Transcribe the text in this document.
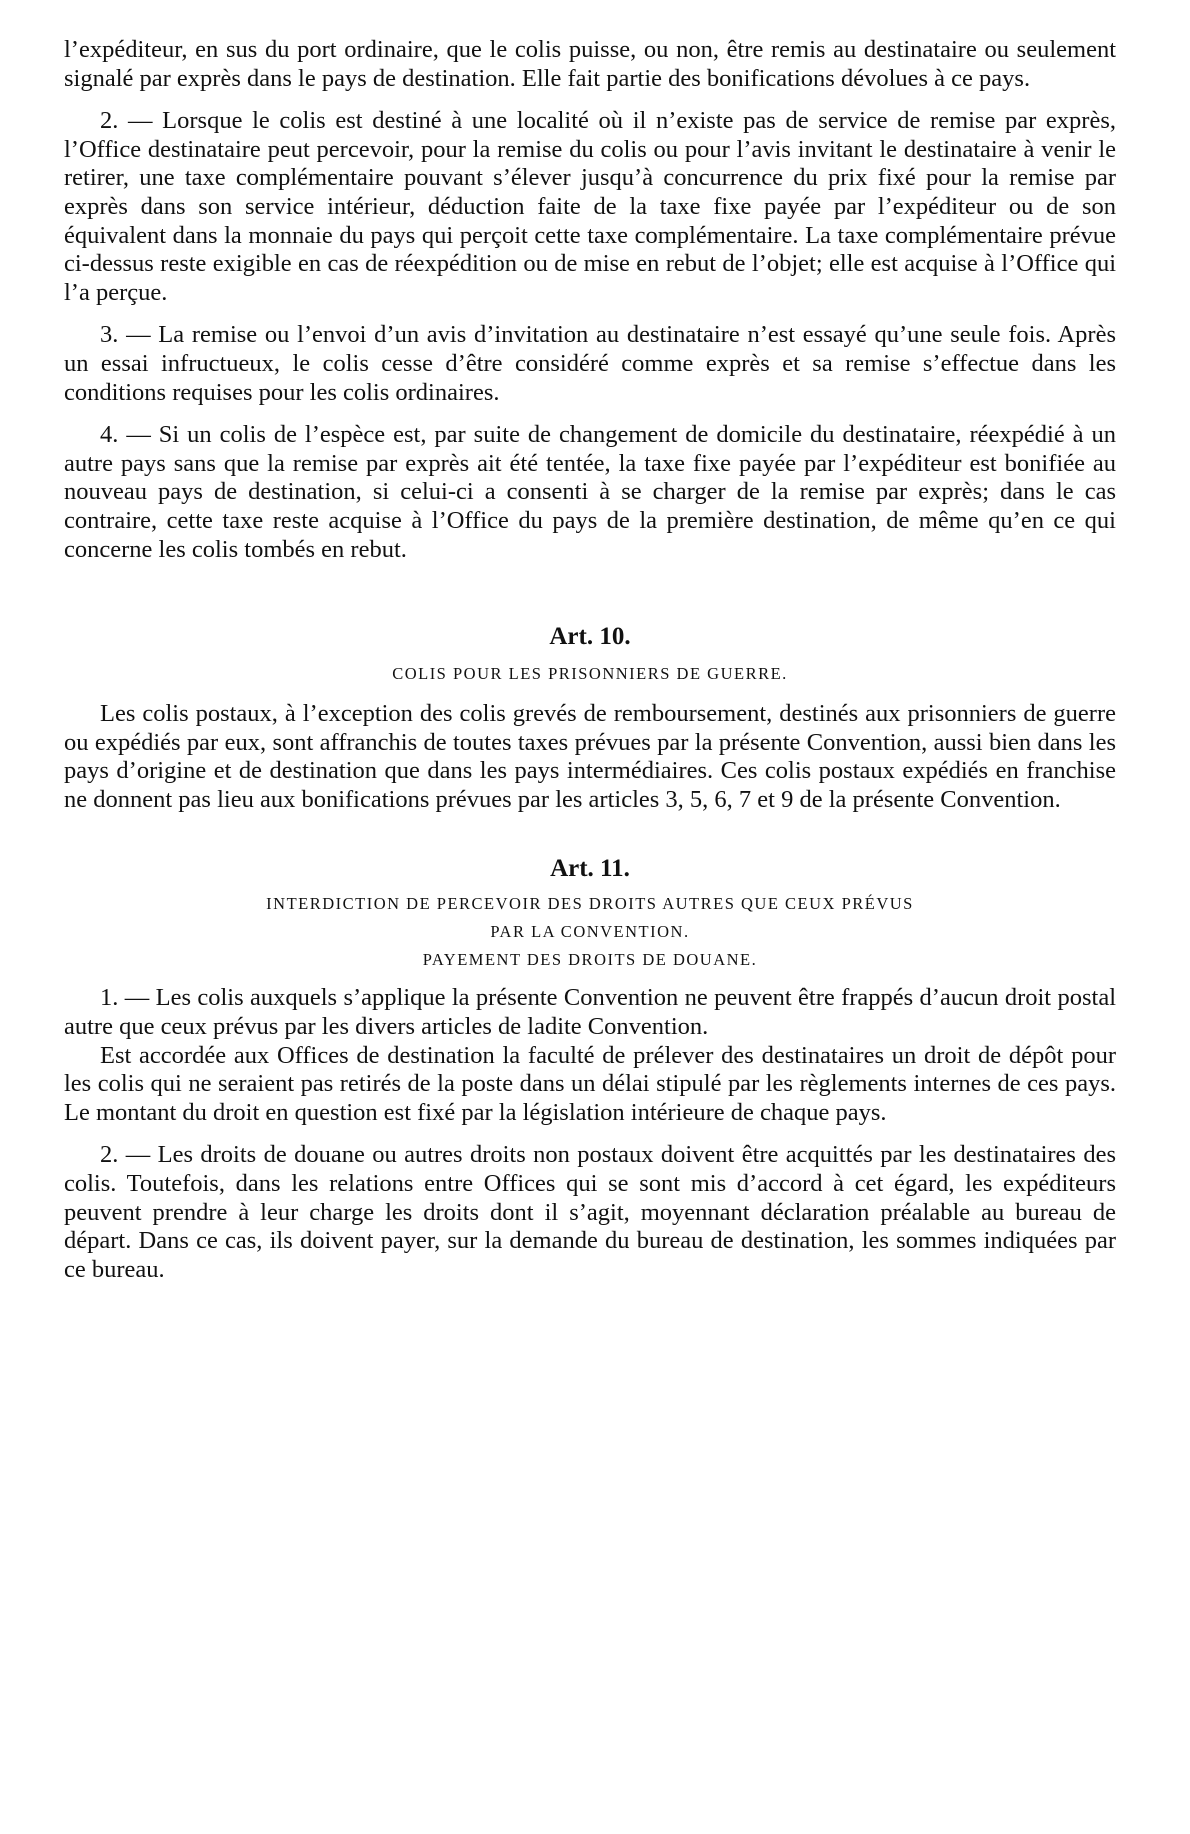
l’expéditeur, en sus du port ordinaire, que le colis puisse, ou non, être remis au destinataire ou seulement signalé par exprès dans le pays de destination. Elle fait partie des bonifications dévolues à ce pays.

2. — Lorsque le colis est destiné à une localité où il n’existe pas de service de remise par exprès, l’Office destinataire peut percevoir, pour la remise du colis ou pour l’avis invitant le destinataire à venir le retirer, une taxe complémentaire pouvant s’élever jusqu’à concurrence du prix fixé pour la remise par exprès dans son service intérieur, déduction faite de la taxe fixe payée par l’expéditeur ou de son équivalent dans la monnaie du pays qui perçoit cette taxe complémentaire. La taxe complémentaire prévue ci-dessus reste exigible en cas de réexpédition ou de mise en rebut de l’objet; elle est acquise à l’Office qui l’a perçue.

3. — La remise ou l’envoi d’un avis d’invitation au destinataire n’est essayé qu’une seule fois. Après un essai infructueux, le colis cesse d’être considéré comme exprès et sa remise s’effectue dans les conditions requises pour les colis ordinaires.

4. — Si un colis de l’espèce est, par suite de changement de domicile du destinataire, réexpédié à un autre pays sans que la remise par exprès ait été tentée, la taxe fixe payée par l’expéditeur est bonifiée au nouveau pays de destination, si celui-ci a consenti à se charger de la remise par exprès; dans le cas contraire, cette taxe reste acquise à l’Office du pays de la première destination, de même qu’en ce qui concerne les colis tombés en rebut.

Art. 10.
COLIS POUR LES PRISONNIERS DE GUERRE.

Les colis postaux, à l’exception des colis grevés de remboursement, destinés aux prisonniers de guerre ou expédiés par eux, sont affranchis de toutes taxes prévues par la présente Convention, aussi bien dans les pays d’origine et de destination que dans les pays intermédiaires. Ces colis postaux expédiés en franchise ne donnent pas lieu aux bonifications prévues par les articles 3, 5, 6, 7 et 9 de la présente Convention.

Art. 11.
INTERDICTION DE PERCEVOIR DES DROITS AUTRES QUE CEUX PRÉVUS
PAR LA CONVENTION.
PAYEMENT DES DROITS DE DOUANE.

1. — Les colis auxquels s’applique la présente Convention ne peuvent être frappés d’aucun droit postal autre que ceux prévus par les divers articles de ladite Convention.

Est accordée aux Offices de destination la faculté de prélever des destinataires un droit de dépôt pour les colis qui ne seraient pas retirés de la poste dans un délai stipulé par les règlements internes de ces pays. Le montant du droit en question est fixé par la législation intérieure de chaque pays.

2. — Les droits de douane ou autres droits non postaux doivent être acquittés par les destinataires des colis. Toutefois, dans les relations entre Offices qui se sont mis d’accord à cet égard, les expéditeurs peuvent prendre à leur charge les droits dont il s’agit, moyennant déclaration préalable au bureau de départ. Dans ce cas, ils doivent payer, sur la demande du bureau de destination, les sommes indiquées par ce bureau.
